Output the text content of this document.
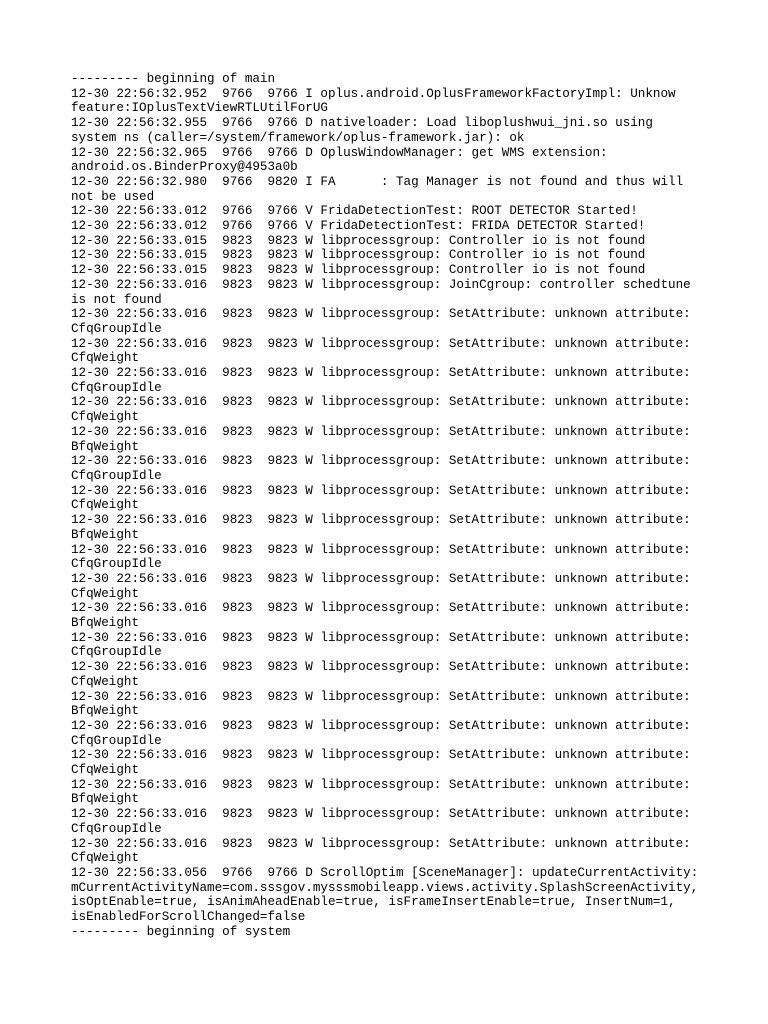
--------- beginning of main
12-30 22:56:32.952  9766  9766 I oplus.android.OplusFrameworkFactoryImpl: Unknow
feature:IOplusTextViewRTLUtilForUG
12-30 22:56:32.955  9766  9766 D nativeloader: Load liboplushwui_jni.so using
system ns (caller=/system/framework/oplus-framework.jar): ok
12-30 22:56:32.965  9766  9766 D OplusWindowManager: get WMS extension:
android.os.BinderProxy@4953a0b
12-30 22:56:32.980  9766  9820 I FA      : Tag Manager is not found and thus will
not be used
12-30 22:56:33.012  9766  9766 V FridaDetectionTest: ROOT DETECTOR Started!
12-30 22:56:33.012  9766  9766 V FridaDetectionTest: FRIDA DETECTOR Started!
12-30 22:56:33.015  9823  9823 W libprocessgroup: Controller io is not found
12-30 22:56:33.015  9823  9823 W libprocessgroup: Controller io is not found
12-30 22:56:33.015  9823  9823 W libprocessgroup: Controller io is not found
12-30 22:56:33.016  9823  9823 W libprocessgroup: JoinCgroup: controller schedtune
is not found
12-30 22:56:33.016  9823  9823 W libprocessgroup: SetAttribute: unknown attribute:
CfqGroupIdle
12-30 22:56:33.016  9823  9823 W libprocessgroup: SetAttribute: unknown attribute:
CfqWeight
12-30 22:56:33.016  9823  9823 W libprocessgroup: SetAttribute: unknown attribute:
CfqGroupIdle
12-30 22:56:33.016  9823  9823 W libprocessgroup: SetAttribute: unknown attribute:
CfqWeight
12-30 22:56:33.016  9823  9823 W libprocessgroup: SetAttribute: unknown attribute:
BfqWeight
12-30 22:56:33.016  9823  9823 W libprocessgroup: SetAttribute: unknown attribute:
CfqGroupIdle
12-30 22:56:33.016  9823  9823 W libprocessgroup: SetAttribute: unknown attribute:
CfqWeight
12-30 22:56:33.016  9823  9823 W libprocessgroup: SetAttribute: unknown attribute:
BfqWeight
12-30 22:56:33.016  9823  9823 W libprocessgroup: SetAttribute: unknown attribute:
CfqGroupIdle
12-30 22:56:33.016  9823  9823 W libprocessgroup: SetAttribute: unknown attribute:
CfqWeight
12-30 22:56:33.016  9823  9823 W libprocessgroup: SetAttribute: unknown attribute:
BfqWeight
12-30 22:56:33.016  9823  9823 W libprocessgroup: SetAttribute: unknown attribute:
CfqGroupIdle
12-30 22:56:33.016  9823  9823 W libprocessgroup: SetAttribute: unknown attribute:
CfqWeight
12-30 22:56:33.016  9823  9823 W libprocessgroup: SetAttribute: unknown attribute:
BfqWeight
12-30 22:56:33.016  9823  9823 W libprocessgroup: SetAttribute: unknown attribute:
CfqGroupIdle
12-30 22:56:33.016  9823  9823 W libprocessgroup: SetAttribute: unknown attribute:
CfqWeight
12-30 22:56:33.016  9823  9823 W libprocessgroup: SetAttribute: unknown attribute:
BfqWeight
12-30 22:56:33.016  9823  9823 W libprocessgroup: SetAttribute: unknown attribute:
CfqGroupIdle
12-30 22:56:33.016  9823  9823 W libprocessgroup: SetAttribute: unknown attribute:
CfqWeight
12-30 22:56:33.056  9766  9766 D ScrollOptim [SceneManager]: updateCurrentActivity:
mCurrentActivityName=com.sssgov.mysssmobileapp.views.activity.SplashScreenActivity,
isOptEnable=true, isAnimAheadEnable=true, isFrameInsertEnable=true, InsertNum=1,
isEnabledForScrollChanged=false
--------- beginning of system
